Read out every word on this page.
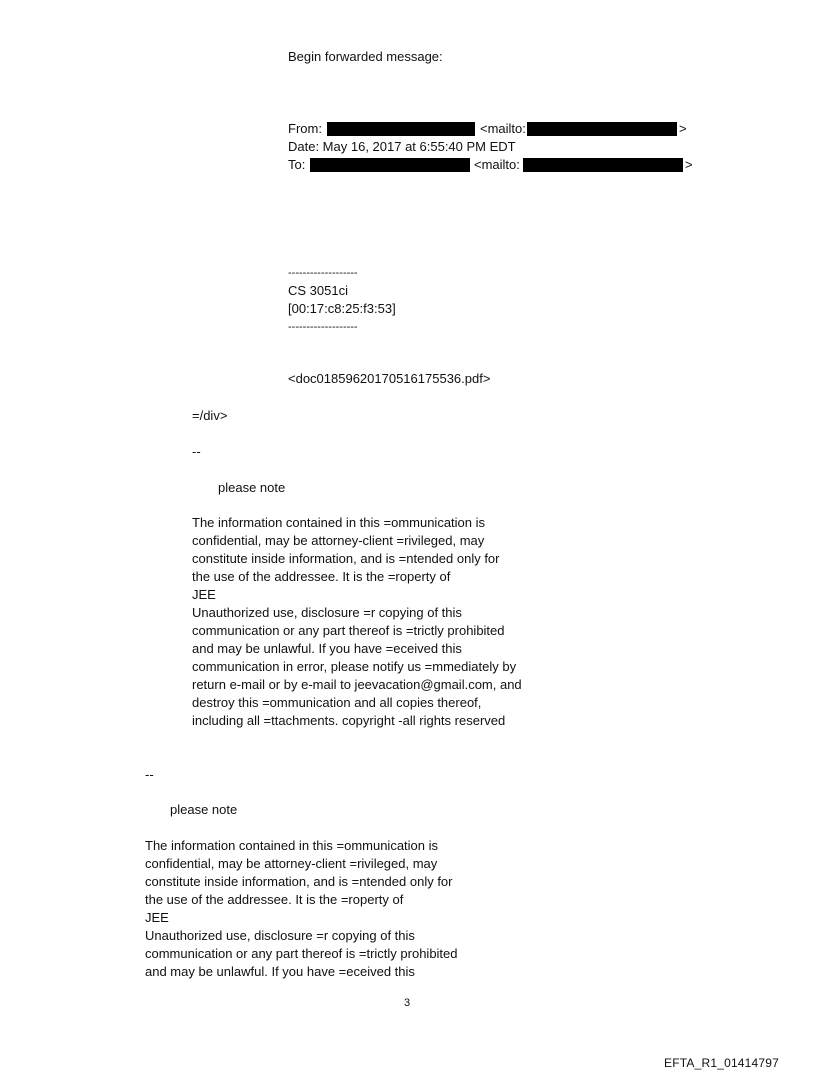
Begin forwarded message:
From:	<mailto:	>
Date: May 16, 2017 at 6:55:40 PM EDT
To:	<mailto:	>
-------------------
CS 3051ci
[00:17:c8:25:f3:53]
-------------------
<doc01859620170516175536.pdf>
=/div>
--
please note
The information contained in this =ommunication is
confidential, may be attorney-client =rivileged, may
constitute inside information, and is =ntended only for
the use of the addressee. It is the =roperty of
JEE
Unauthorized use, disclosure =r copying of this
communication or any part thereof is =trictly prohibited
and may be unlawful. If you have =eceived this
communication in error, please notify us =mmediately by
return e-mail or by e-mail to jeevacation@gmail.com, and
destroy this =ommunication and all copies thereof,
including all =ttachments. copyright -all rights reserved
--
please note
The information contained in this =ommunication is
confidential, may be attorney-client =rivileged, may
constitute inside information, and is =ntended only for
the use of the addressee. It is the =roperty of
JEE
Unauthorized use, disclosure =r copying of this
communication or any part thereof is =trictly prohibited
and may be unlawful. If you have =eceived this
3
EFTA_R1_01414797
